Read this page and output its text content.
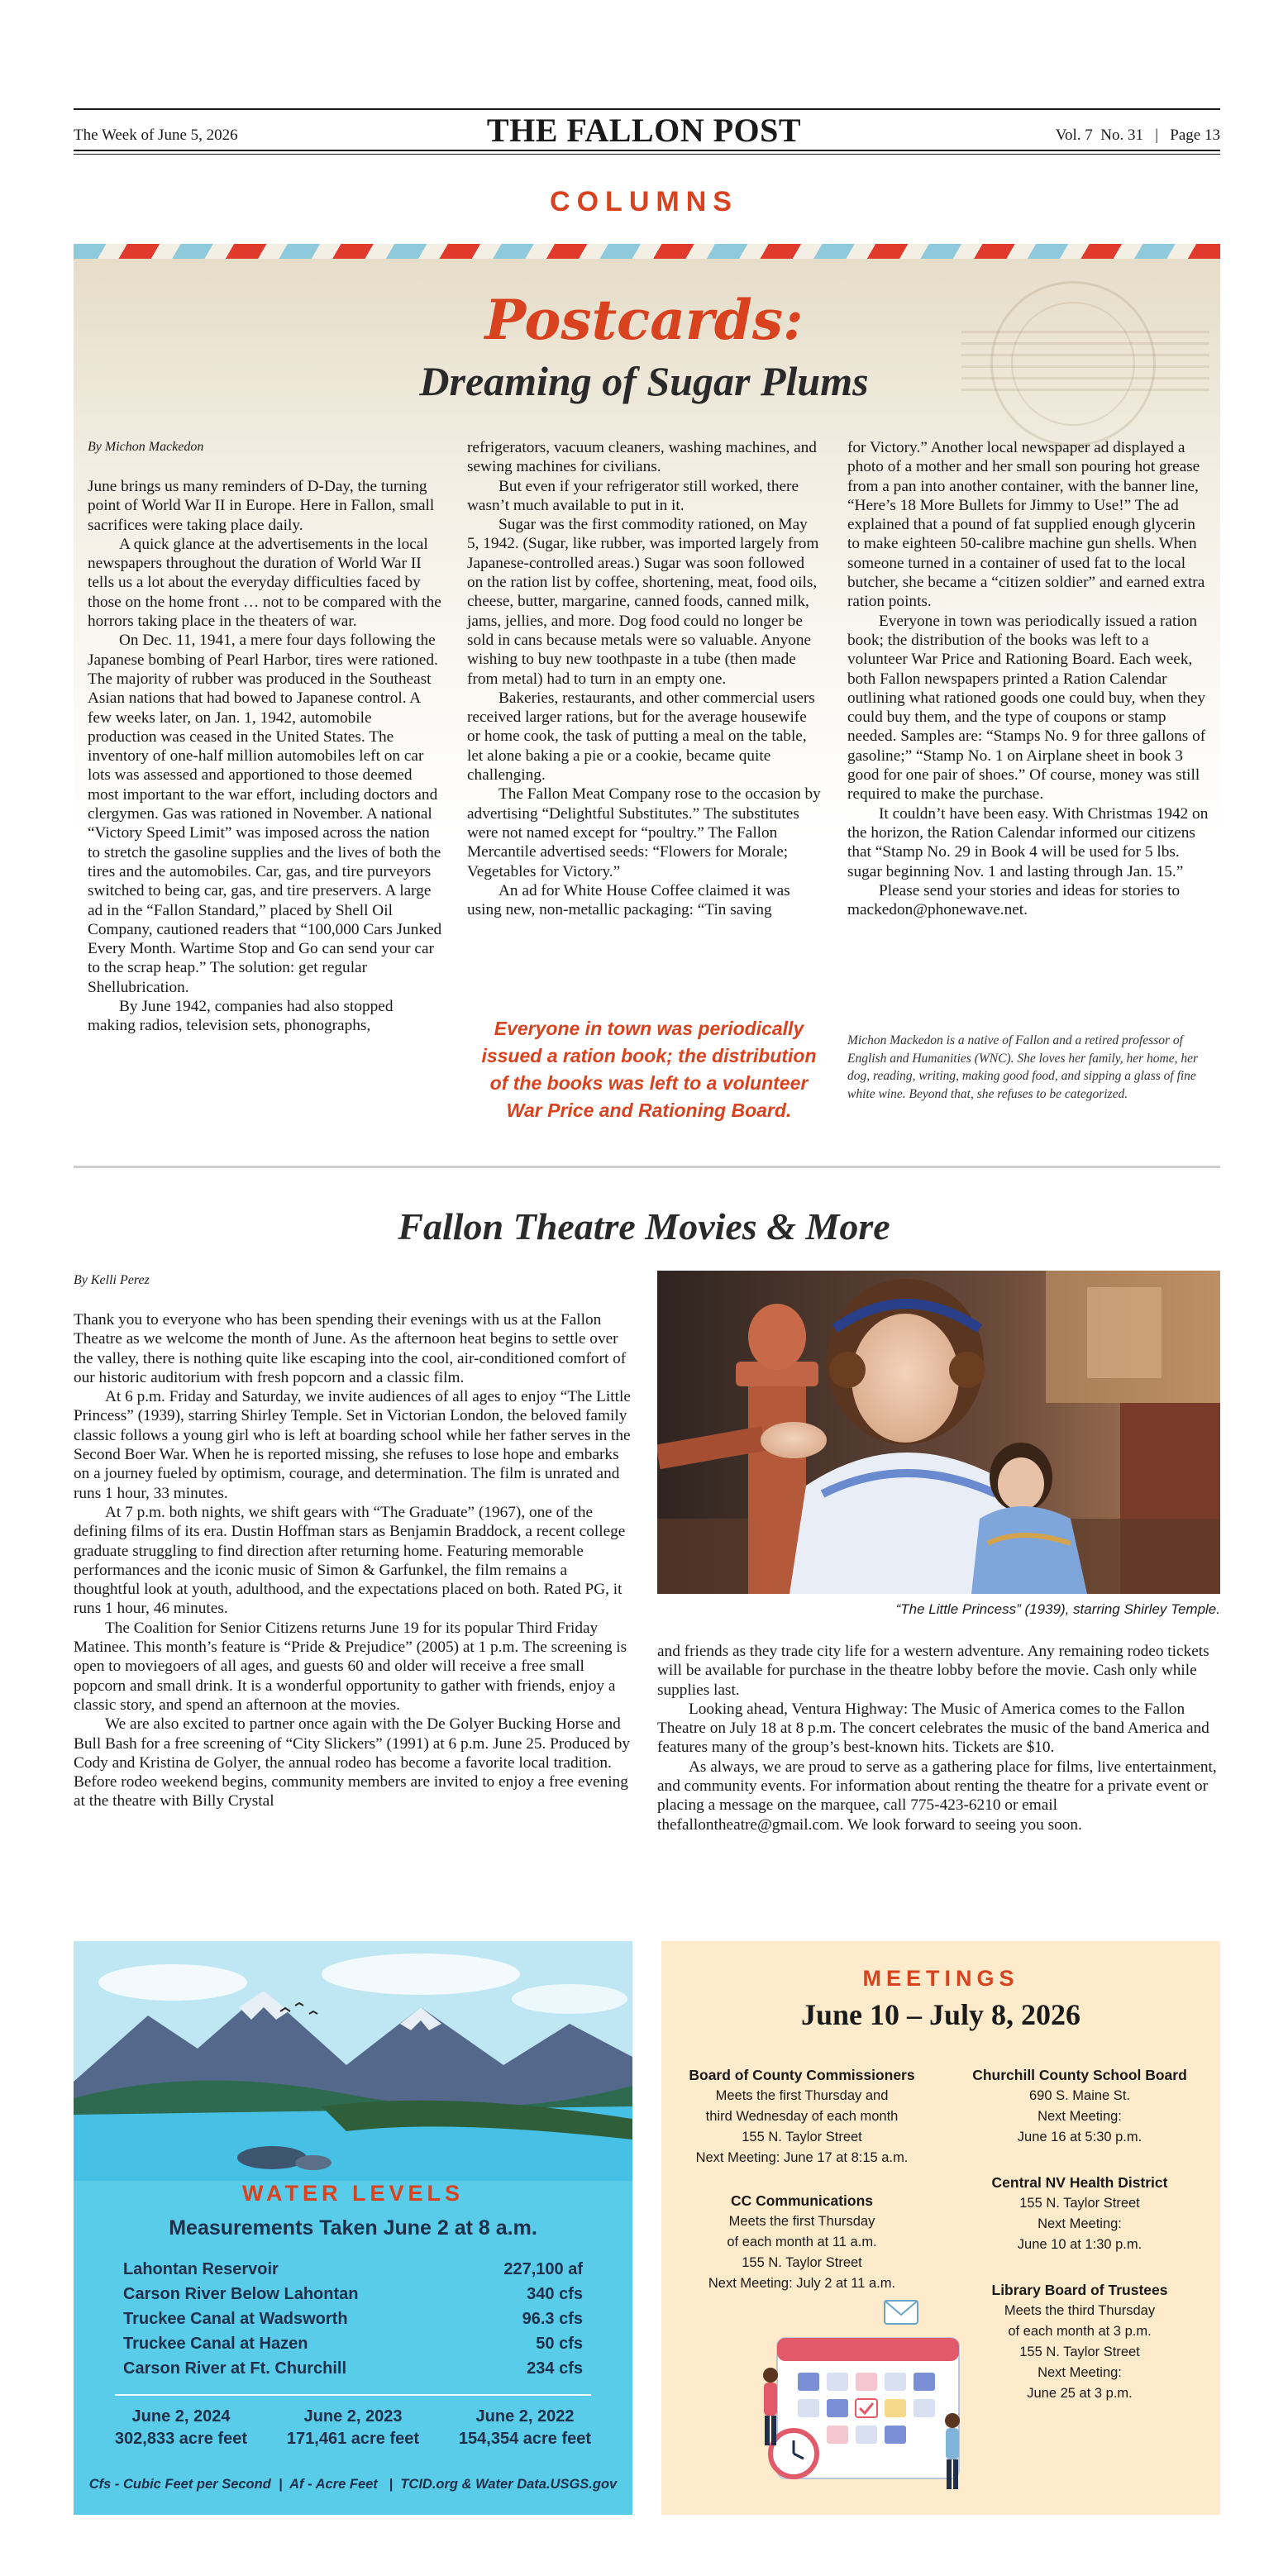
The Week of June 5, 2026	THE FALLON POST	Vol. 7  No. 31   |   Page 13
COLUMNS
Postcards:
Dreaming of Sugar Plums
By Michon Mackedon

June brings us many reminders of D-Day, the turning point of World War II in Europe. Here in Fallon, small sacrifices were taking place daily.

A quick glance at the advertisements in the local newspapers throughout the duration of World War II tells us a lot about the everyday difficulties faced by those on the home front … not to be compared with the horrors taking place in the theaters of war.

On Dec. 11, 1941, a mere four days following the Japanese bombing of Pearl Harbor, tires were rationed. The majority of rubber was produced in the Southeast Asian nations that had bowed to Japanese control. A few weeks later, on Jan. 1, 1942, automobile production was ceased in the United States. The inventory of one-half million automobiles left on car lots was assessed and apportioned to those deemed most important to the war effort, including doctors and clergymen. Gas was rationed in November. A national “Victory Speed Limit” was imposed across the nation to stretch the gasoline supplies and the lives of both the tires and the automobiles. Car, gas, and tire purveyors switched to being car, gas, and tire preservers. A large ad in the “Fallon Standard,” placed by Shell Oil Company, cautioned readers that “100,000 Cars Junked Every Month. Wartime Stop and Go can send your car to the scrap heap.” The solution: get regular Shellubrication.

By June 1942, companies had also stopped making radios, television sets, phonographs,

refrigerators, vacuum cleaners, washing machines, and sewing machines for civilians.

But even if your refrigerator still worked, there wasn’t much available to put in it.

Sugar was the first commodity rationed, on May 5, 1942. (Sugar, like rubber, was imported largely from Japanese-controlled areas.) Sugar was soon followed on the ration list by coffee, shortening, meat, food oils, cheese, butter, margarine, canned foods, canned milk, jams, jellies, and more. Dog food could no longer be sold in cans because metals were so valuable. Anyone wishing to buy new toothpaste in a tube (then made from metal) had to turn in an empty one.

Bakeries, restaurants, and other commercial users received larger rations, but for the average housewife or home cook, the task of putting a meal on the table, let alone baking a pie or a cookie, became quite challenging.

The Fallon Meat Company rose to the occasion by advertising “Delightful Substitutes.” The substitutes were not named except for “poultry.” The Fallon Mercantile advertised seeds: “Flowers for Morale; Vegetables for Victory.”

An ad for White House Coffee claimed it was using new, non-metallic packaging: “Tin saving

Everyone in town was periodically issued a ration book; the distribution of the books was left to a volunteer War Price and Rationing Board.

for Victory.” Another local newspaper ad displayed a photo of a mother and her small son pouring hot grease from a pan into another container, with the banner line, “Here’s 18 More Bullets for Jimmy to Use!” The ad explained that a pound of fat supplied enough glycerin to make eighteen 50-calibre machine gun shells. When someone turned in a container of used fat to the local butcher, she became a “citizen soldier” and earned extra ration points.

Everyone in town was periodically issued a ration book; the distribution of the books was left to a volunteer War Price and Rationing Board. Each week, both Fallon newspapers printed a Ration Calendar outlining what rationed goods one could buy, when they could buy them, and the type of coupons or stamp needed. Samples are: “Stamps No. 9 for three gallons of gasoline;” “Stamp No. 1 on Airplane sheet in book 3 good for one pair of shoes.” Of course, money was still required to make the purchase.

It couldn’t have been easy. With Christmas 1942 on the horizon, the Ration Calendar informed our citizens that “Stamp No. 29 in Book 4 will be used for 5 lbs. sugar beginning Nov. 1 and lasting through Jan. 15.”

Please send your stories and ideas for stories to mackedon@phonewave.net.

Michon Mackedon is a native of Fallon and a retired professor of English and Humanities (WNC). She loves her family, her home, her dog, reading, writing, making good food, and sipping a glass of fine white wine. Beyond that, she refuses to be categorized.
Fallon Theatre Movies & More
By Kelli Perez

Thank you to everyone who has been spending their evenings with us at the Fallon Theatre as we welcome the month of June. As the afternoon heat begins to settle over the valley, there is nothing quite like escaping into the cool, air-conditioned comfort of our historic auditorium with fresh popcorn and a classic film.

At 6 p.m. Friday and Saturday, we invite audiences of all ages to enjoy “The Little Princess” (1939), starring Shirley Temple. Set in Victorian London, the beloved family classic follows a young girl who is left at boarding school while her father serves in the Second Boer War. When he is reported missing, she refuses to lose hope and embarks on a journey fueled by optimism, courage, and determination. The film is unrated and runs 1 hour, 33 minutes.

At 7 p.m. both nights, we shift gears with “The Graduate” (1967), one of the defining films of its era. Dustin Hoffman stars as Benjamin Braddock, a recent college graduate struggling to find direction after returning home. Featuring memorable performances and the iconic music of Simon & Garfunkel, the film remains a thoughtful look at youth, adulthood, and the expectations placed on both. Rated PG, it runs 1 hour, 46 minutes.

The Coalition for Senior Citizens returns June 19 for its popular Third Friday Matinee. This month’s feature is “Pride & Prejudice” (2005) at 1 p.m. The screening is open to moviegoers of all ages, and guests 60 and older will receive a free small popcorn and small drink. It is a wonderful opportunity to gather with friends, enjoy a classic story, and spend an afternoon at the movies.

We are also excited to partner once again with the De Golyer Bucking Horse and Bull Bash for a free screening of “City Slickers” (1991) at 6 p.m. June 25. Produced by Cody and Kristina de Golyer, the annual rodeo has become a favorite local tradition. Before rodeo weekend begins, community members are invited to enjoy a free evening at the theatre with Billy Crystal

“The Little Princess” (1939), starring Shirley Temple.

and friends as they trade city life for a western adventure. Any remaining rodeo tickets will be available for purchase in the theatre lobby before the movie. Cash only while supplies last.

Looking ahead, Ventura Highway: The Music of America comes to the Fallon Theatre on July 18 at 8 p.m. The concert celebrates the music of the band America and features many of the group’s best-known hits. Tickets are $10.

As always, we are proud to serve as a gathering place for films, live entertainment, and community events. For information about renting the theatre for a private event or placing a message on the marquee, call 775-423-6210 or email thefallontheatre@gmail.com. We look forward to seeing you soon.

WATER LEVELS
Measurements Taken June 2 at 8 a.m.
Lahontan Reservoir	227,100 af
Carson River Below Lahontan	340 cfs
Truckee Canal at Wadsworth	96.3 cfs
Truckee Canal at Hazen	50 cfs
Carson River at Ft. Churchill	234 cfs
June 2, 2024
302,833 acre feet
June 2, 2023
171,461 acre feet
June 2, 2022
154,354 acre feet
Cfs - Cubic Feet per Second  |  Af - Acre Feet   |  TCID.org & Water Data.USGS.gov
MEETINGS
June 10 – July 8, 2026
Board of County Commissioners
Meets the first Thursday and
third Wednesday of each month
155 N. Taylor Street
Next Meeting: June 17 at 8:15 a.m.
CC Communications
Meets the first Thursday
of each month at 11 a.m.
155 N. Taylor Street
Next Meeting: July 2 at 11 a.m.
Churchill County School Board
690 S. Maine St.
Next Meeting:
June 16 at 5:30 p.m.
Central NV Health District
155 N. Taylor Street
Next Meeting:
June 10 at 1:30 p.m.
Library Board of Trustees
Meets the third Thursday
of each month at 3 p.m.
155 N. Taylor Street
Next Meeting:
June 25 at 3 p.m.
